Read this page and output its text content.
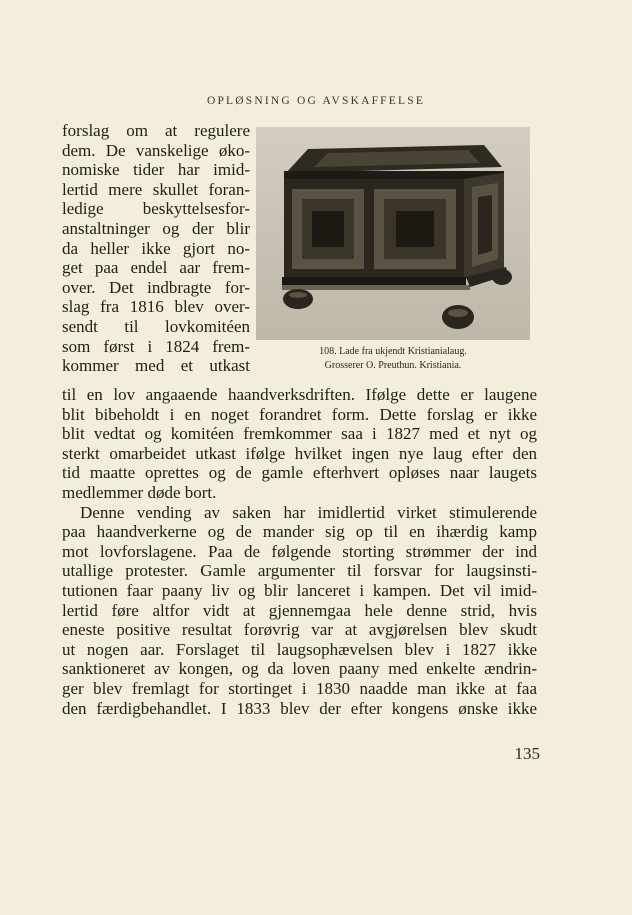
OPLØSNING OG AVSKAFFELSE
forslag om at regulere
dem. De vanskelige øko-
nomiske tider har imid-
lertid mere skullet foran-
ledige beskyttelsesfor-
anstaltninger og der blir
da heller ikke gjort no-
get paa endel aar frem-
over. Det indbragte for-
slag fra 1816 blev over-
sendt til lovkomitéen
som først i 1824 frem-
kommer med et utkast
108. Lade fra ukjendt Kristianialaug.
Grosserer O. Preuthun. Kristiania.
til en lov angaaende haandverksdriften. Ifølge dette er laugene
blit bibeholdt i en noget forandret form. Dette forslag er ikke
blit vedtat og komitéen fremkommer saa i 1827 med et nyt og
sterkt omarbeidet utkast ifølge hvilket ingen nye laug efter den
tid maatte oprettes og de gamle efterhvert opløses naar laugets
medlemmer døde bort.
Denne vending av saken har imidlertid virket stimulerende
paa haandverkerne og de mander sig op til en ihærdig kamp
mot lovforslagene. Paa de følgende storting strømmer der ind
utallige protester. Gamle argumenter til forsvar for laugsinsti-
tutionen faar paany liv og blir lanceret i kampen. Det vil imid-
lertid føre altfor vidt at gjennemgaa hele denne strid, hvis
eneste positive resultat forøvrig var at avgjørelsen blev skudt
ut nogen aar. Forslaget til laugsophævelsen blev i 1827 ikke
sanktioneret av kongen, og da loven paany med enkelte ændrin-
ger blev fremlagt for stortinget i 1830 naadde man ikke at faa
den færdigbehandlet. I 1833 blev der efter kongens ønske ikke
135
